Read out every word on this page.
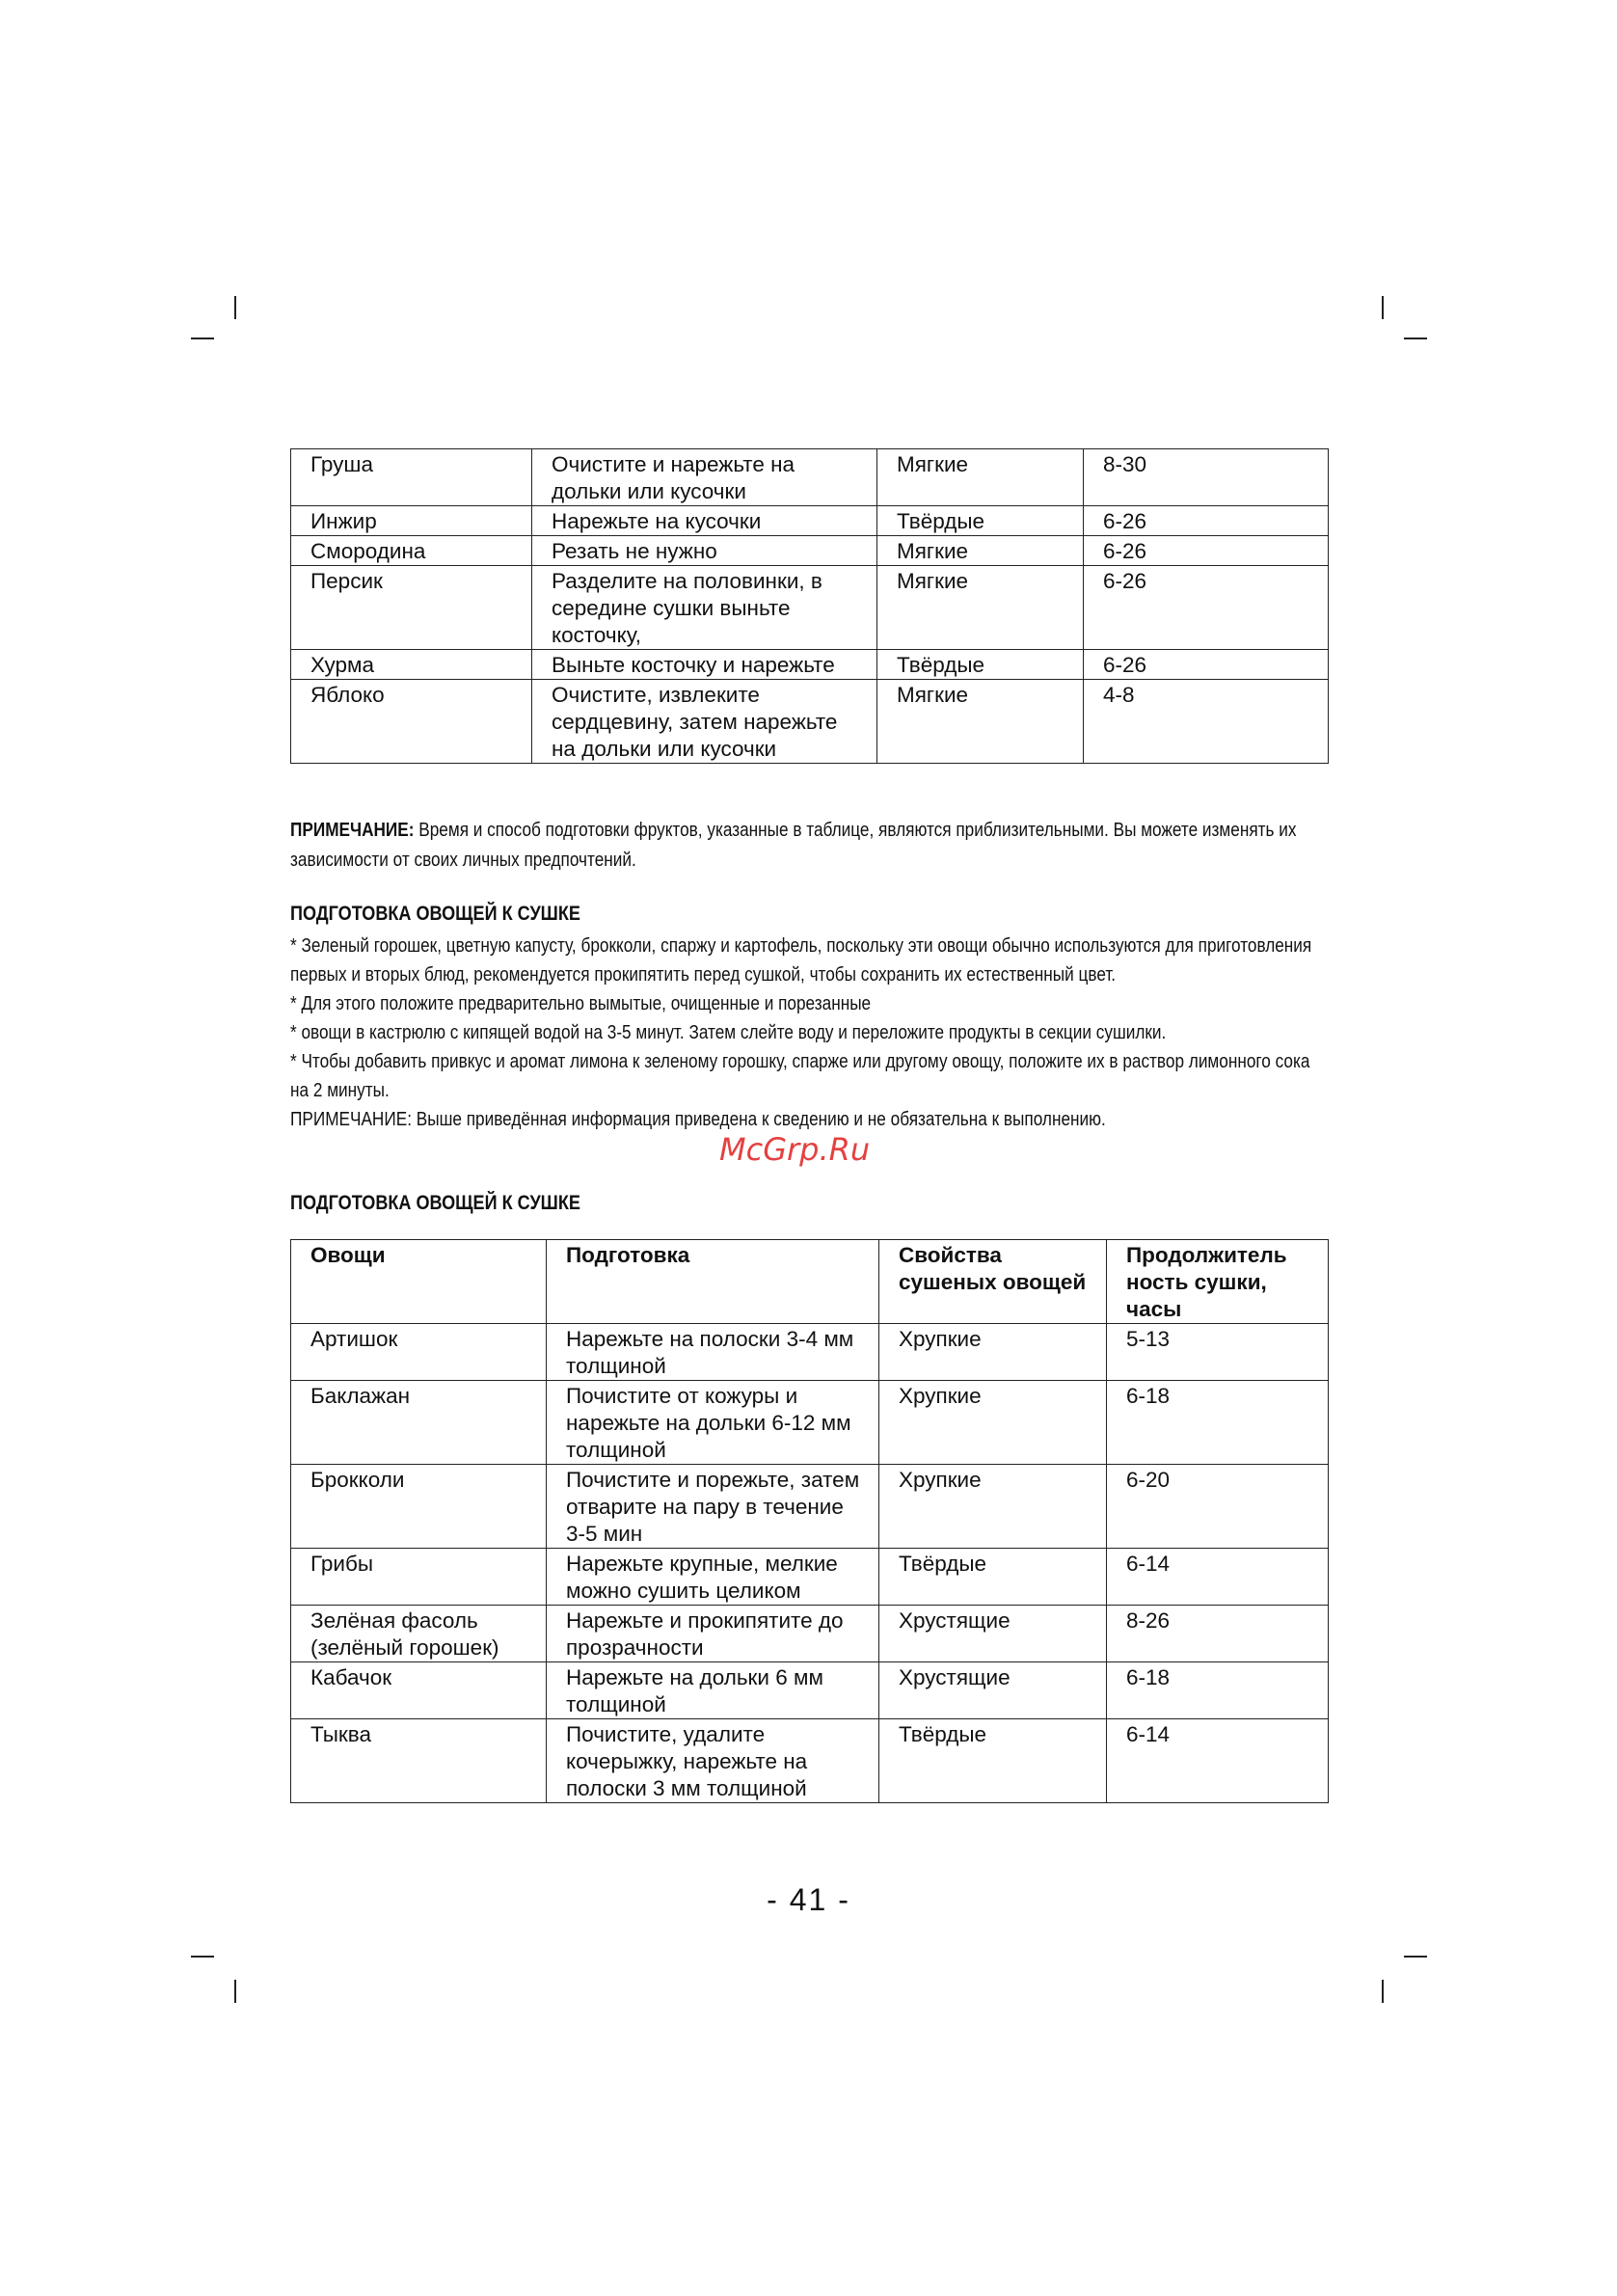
Груша	Очистите и нарежьте на дольки или кусочки	Мягкие	8-30
Инжир	Нарежьте на кусочки	Твёрдые	6-26
Смородина	Резать не нужно	Мягкие	6-26
Персик	Разделите на половинки, в середине сушки выньте косточку,	Мягкие	6-26
Хурма	Выньте косточку и нарежьте	Твёрдые	6-26
Яблоко	Очистите, извлеките сердцевину, затем нарежьте на дольки или кусочки	Мягкие	4-8
ПРИМЕЧАНИЕ: Время и способ подготовки фруктов, указанные в таблице, являются приблизительными. Вы можете изменять их зависимости от своих личных предпочтений.
ПОДГОТОВКА ОВОЩЕЙ К СУШКЕ
* Зеленый горошек, цветную капусту, брокколи, спаржу и картофель, поскольку эти овощи обычно используются для приготовления первых и вторых блюд, рекомендуется прокипятить перед сушкой, чтобы сохранить их естественный цвет.
* Для этого положите предварительно вымытые, очищенные и порезанные
* овощи в кастрюлю с кипящей водой на 3-5 минут. Затем слейте воду и переложите продукты в секции сушилки.
* Чтобы добавить привкус и аромат лимона к зеленому горошку, спаржe или другому овощу, положите их в раствор лимонного сока на 2 минуты.
ПРИМЕЧАНИЕ: Выше приведённая информация приведена к сведению и не обязательна к выполнению.
McGrp.Ru
ПОДГОТОВКА ОВОЩЕЙ К СУШКЕ
Овощи	Подготовка	Свойства сушеных овощей	Продолжитель ность сушки, часы
Артишок	Нарежьте на полоски 3-4 мм толщиной	Хрупкие	5-13
Баклажан	Почистите от кожуры и нарежьте на дольки 6-12 мм толщиной	Хрупкие	6-18
Брокколи	Почистите и порежьте, затем отварите на пару в течение 3-5 мин	Хрупкие	6-20
Грибы	Нарежьте крупные, мелкие можно сушить целиком	Твёрдые	6-14
Зелёная фасоль (зелёный горошек)	Нарежьте и прокипятите до прозрачности	Хрустящие	8-26
Кабачок	Нарежьте на дольки 6 мм толщиной	Хрустящие	6-18
Тыква	Почистите, удалите кочерыжку, нарежьте на полоски 3 мм толщиной	Твёрдые	6-14
- 41 -
